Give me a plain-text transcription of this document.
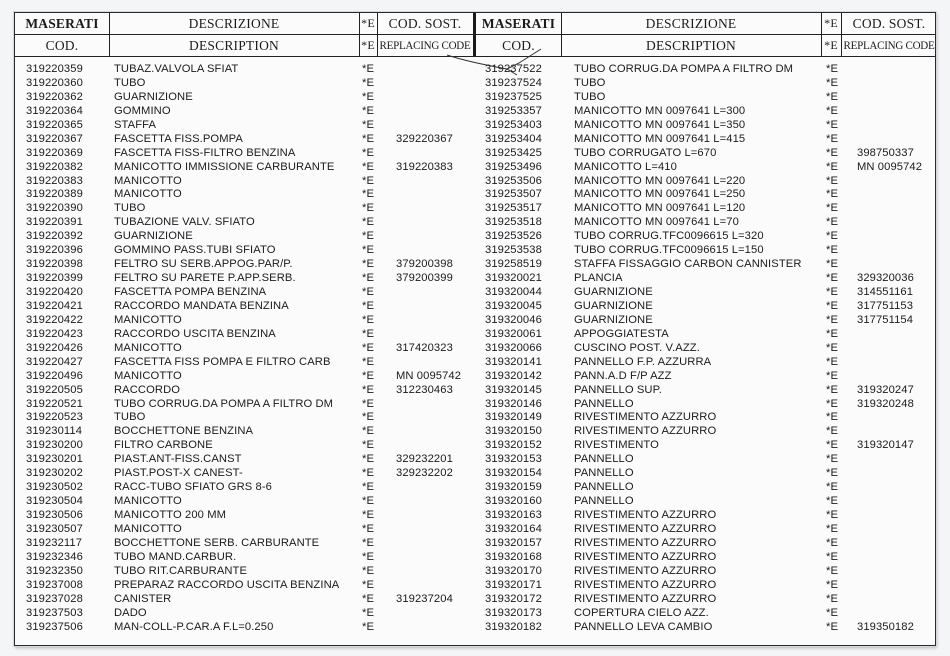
MASERATI
COD.
DESCRIZIONE
DESCRIPTION
*E
*E
COD. SOST.
REPLACING CODE
MASERATI
COD.
DESCRIZIONE
DESCRIPTION
*E
*E
COD. SOST.
REPLACING CODE
319220359
319220360
319220362
319220364
319220365
319220367
319220369
319220382
319220383
319220389
319220390
319220391
319220392
319220396
319220398
319220399
319220420
319220421
319220422
319220423
319220426
319220427
319220496
319220505
319220521
319220523
319230114
319230200
319230201
319230202
319230502
319230504
319230506
319230507
319232117
319232346
319232350
319237008
319237028
319237503
319237506
TUBAZ.VALVOLA SFIAT
TUBO
GUARNIZIONE
GOMMINO
STAFFA
FASCETTA FISS.POMPA
FASCETTA FISS-FILTRO BENZINA
MANICOTTO IMMISSIONE CARBURANTE
MANICOTTO
MANICOTTO
TUBO
TUBAZIONE VALV. SFIATO
GUARNIZIONE
GOMMINO PASS.TUBI SFIATO
FELTRO SU SERB.APPOG.PAR/P.
FELTRO SU PARETE P.APP.SERB.
FASCETTA POMPA BENZINA
RACCORDO MANDATA BENZINA
MANICOTTO
RACCORDO USCITA BENZINA
MANICOTTO
FASCETTA FISS POMPA E FILTRO CARB
MANICOTTO
RACCORDO
TUBO CORRUG.DA POMPA A FILTRO DM
TUBO
BOCCHETTONE BENZINA
FILTRO CARBONE
PIAST.ANT-FISS.CANST
PIAST.POST-X CANEST-
RACC-TUBO SFIATO GRS 8-6
MANICOTTO
MANICOTTO 200 MM
MANICOTTO
BOCCHETTONE SERB. CARBURANTE
TUBO MAND.CARBUR.
TUBO RIT.CARBURANTE
PREPARAZ RACCORDO USCITA BENZINA
CANISTER
DADO
MAN-COLL-P.CAR.A F.L=0.250
*E
*E
*E
*E
*E
*E
*E
*E
*E
*E
*E
*E
*E
*E
*E
*E
*E
*E
*E
*E
*E
*E
*E
*E
*E
*E
*E
*E
*E
*E
*E
*E
*E
*E
*E
*E
*E
*E
*E
*E
*E
329220367
319220383
379200398
379200399
317420323
MN 0095742
312230463
329232201
329232202
319237204
319237522
319237524
319237525
319253357
319253403
319253404
319253425
319253496
319253506
319253507
319253517
319253518
319253526
319253538
319258519
319320021
319320044
319320045
319320046
319320061
319320066
319320141
319320142
319320145
319320146
319320149
319320150
319320152
319320153
319320154
319320159
319320160
319320163
319320164
319320157
319320168
319320170
319320171
319320172
319320173
319320182
TUBO CORRUG.DA POMPA A FILTRO DM
TUBO
TUBO
MANICOTTO MN 0097641 L=300
MANICOTTO MN 0097641 L=350
MANICOTTO MN 0097641 L=415
TUBO CORRUGATO L=670
MANICOTTO L=410
MANICOTTO MN 0097641 L=220
MANICOTTO MN 0097641 L=250
MANICOTTO MN 0097641 L=120
MANICOTTO MN 0097641 L=70
TUBO CORRUG.TFC0096615 L=320
TUBO CORRUG.TFC0096615 L=150
STAFFA FISSAGGIO CARBON CANNISTER
PLANCIA
GUARNIZIONE
GUARNIZIONE
GUARNIZIONE
APPOGGIATESTA
CUSCINO POST. V.AZZ.
PANNELLO F.P. AZZURRA
PANN.A.D F/P AZZ
PANNELLO SUP.
PANNELLO
RIVESTIMENTO AZZURRO
RIVESTIMENTO AZZURRO
RIVESTIMENTO
PANNELLO
PANNELLO
PANNELLO
PANNELLO
RIVESTIMENTO AZZURRO
RIVESTIMENTO AZZURRO
RIVESTIMENTO AZZURRO
RIVESTIMENTO AZZURRO
RIVESTIMENTO AZZURRO
RIVESTIMENTO AZZURRO
RIVESTIMENTO AZZURRO
COPERTURA CIELO AZZ.
PANNELLO LEVA CAMBIO
*E
*E
*E
*E
*E
*E
*E
*E
*E
*E
*E
*E
*E
*E
*E
*E
*E
*E
*E
*E
*E
*E
*E
*E
*E
*E
*E
*E
*E
*E
*E
*E
*E
*E
*E
*E
*E
*E
*E
*E
*E
398750337
MN 0095742
329320036
314551161
317751153
317751154
319320247
319320248
319320147
319350182
